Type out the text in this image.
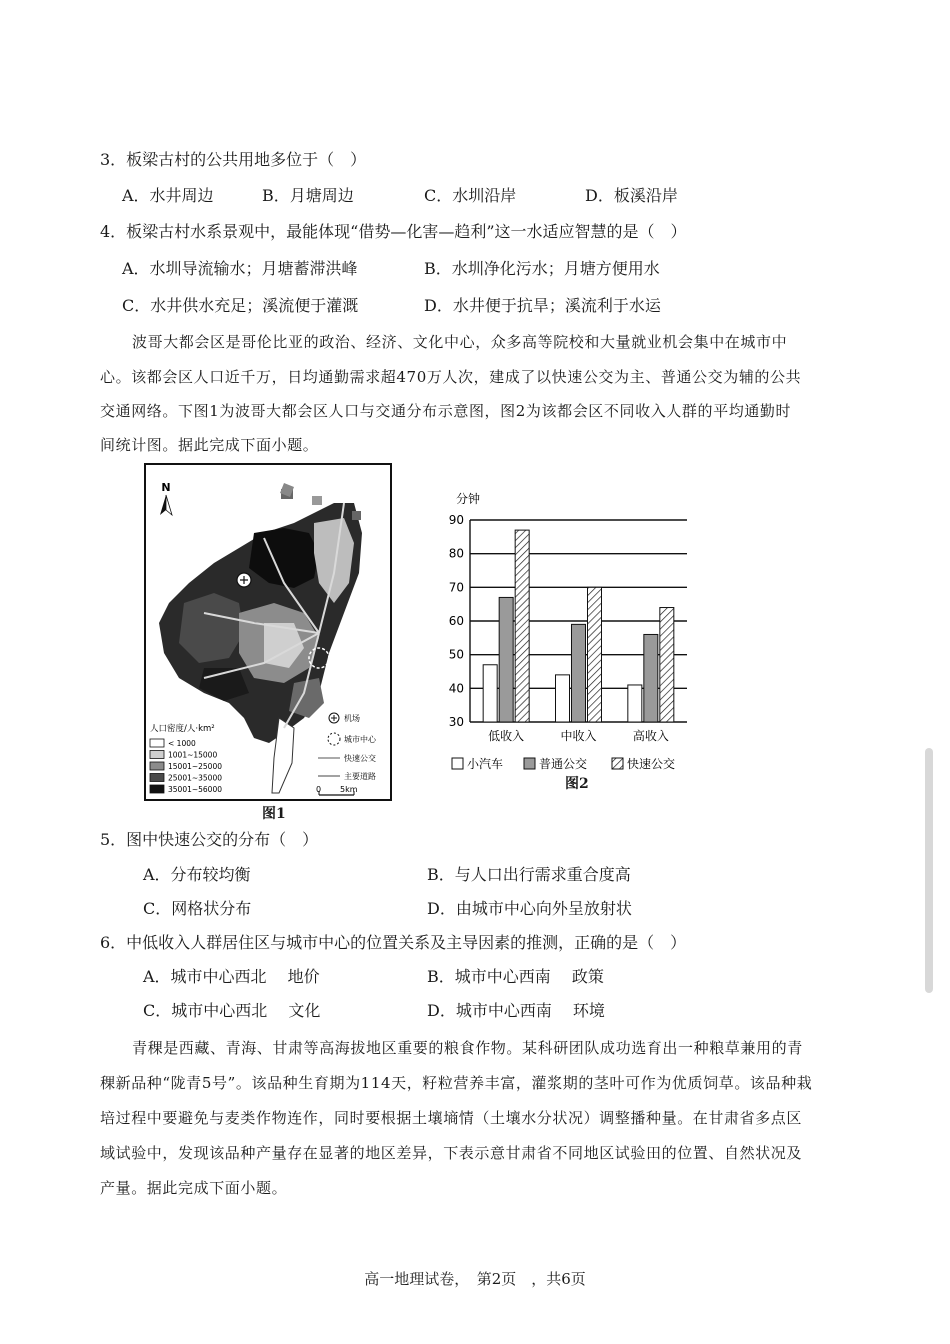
3．板梁古村的公共用地多位于（　）
A．水井周边	B．月塘周边	C．水圳沿岸	D．板溪沿岸
4．板梁古村水系景观中，最能体现“借势—化害—趋利”这一水适应智慧的是（　）
A．水圳导流输水；月塘蓄滞洪峰	B．水圳净化污水；月塘方便用水
C．水井供水充足；溪流便于灌溉	D．水井便于抗旱；溪流利于水运
波哥大都会区是哥伦比亚的政治、经济、文化中心，众多高等院校和大量就业机会集中在城市中
心。该都会区人口近千万，日均通勤需求超470万人次，建成了以快速公交为主、普通公交为辅的公共
交通网络。下图1为波哥大都会区人口与交通分布示意图，图2为该都会区不同收入人群的平均通勤时
间统计图。据此完成下面小题。
N
人口密度/人·km²
< 1000
1001~15000
15001~25000
25001~35000
35001~56000
机场
城市中心
快速公交
主要道路
0 5km
图1
分钟
30
40
50
60
70
80
90
低收入	中收入	高收入
小汽车	普通公交	快速公交
图2
5．图中快速公交的分布（　）
A．分布较均衡	B．与人口出行需求重合度高
C．网格状分布	D．由城市中心向外呈放射状
6．中低收入人群居住区与城市中心的位置关系及主导因素的推测，正确的是（　）
A．城市中心西北　 地价	B．城市中心西南　 政策
C．城市中心西北　 文化	D．城市中心西南　 环境
青稞是西藏、青海、甘肃等高海拔地区重要的粮食作物。某科研团队成功选育出一种粮草兼用的青
稞新品种“陇青5号”。该品种生育期为114天，籽粒营养丰富，灌浆期的茎叶可作为优质饲草。该品种栽
培过程中要避免与麦类作物连作，同时要根据土壤墒情（土壤水分状况）调整播种量。在甘肃省多点区
域试验中，发现该品种产量存在显著的地区差异，下表示意甘肃省不同地区试验田的位置、自然状况及
产量。据此完成下面小题。
高一地理试卷，　第2页　，共6页
